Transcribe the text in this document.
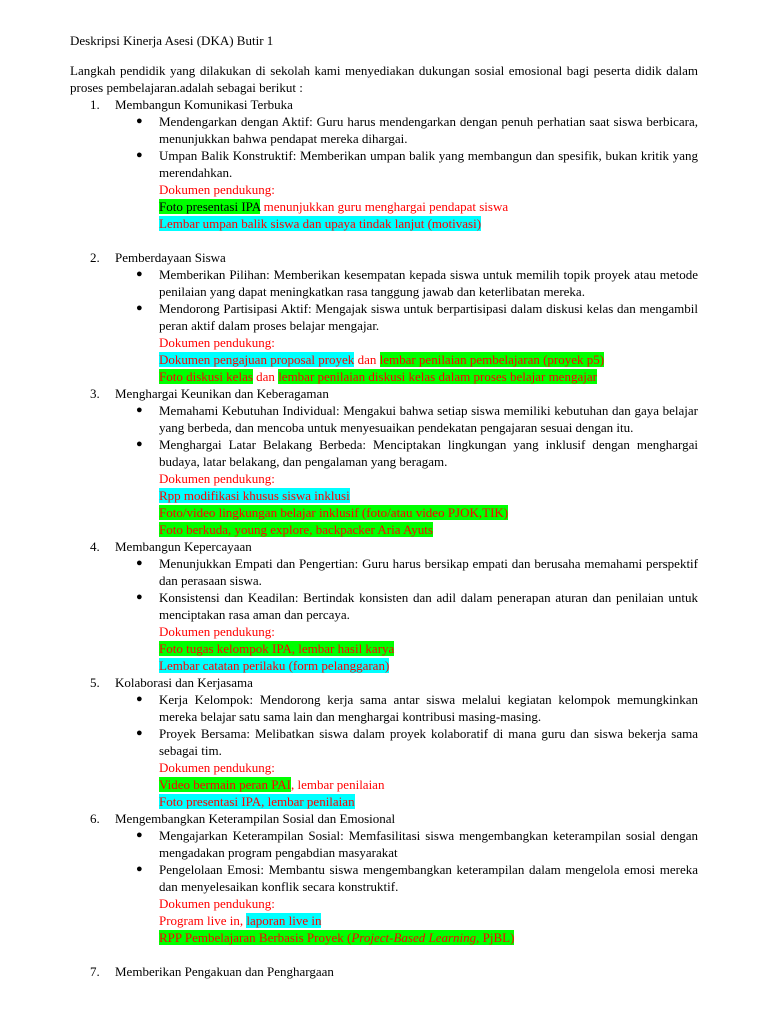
Deskripsi Kinerja Asesi (DKA) Butir 1

Langkah pendidik yang dilakukan di sekolah kami menyediakan dukungan sosial emosional bagi peserta didik dalam proses pembelajaran.adalah sebagai berikut :

1. Membangun Komunikasi Terbuka
● Mendengarkan dengan Aktif: Guru harus mendengarkan dengan penuh perhatian saat siswa berbicara, menunjukkan bahwa pendapat mereka dihargai.
● Umpan Balik Konstruktif: Memberikan umpan balik yang membangun dan spesifik, bukan kritik yang merendahkan.
Dokumen pendukung:
Foto presentasi IPA menunjukkan guru menghargai pendapat siswa
Lembar umpan balik siswa dan upaya tindak lanjut (motivasi)
2. Pemberdayaan Siswa
● Memberikan Pilihan: Memberikan kesempatan kepada siswa untuk memilih topik proyek atau metode penilaian yang dapat meningkatkan rasa tanggung jawab dan keterlibatan mereka.
● Mendorong Partisipasi Aktif: Mengajak siswa untuk berpartisipasi dalam diskusi kelas dan mengambil peran aktif dalam proses belajar mengajar.
Dokumen pendukung:
Dokumen pengajuan proposal proyek dan lembar penilaian pembelajaran (proyek p5)
Foto diskusi kelas dan lembar penilaian diskusi kelas dalam proses belajar mengajar
3. Menghargai Keunikan dan Keberagaman
● Memahami Kebutuhan Individual: Mengakui bahwa setiap siswa memiliki kebutuhan dan gaya belajar yang berbeda, dan mencoba untuk menyesuaikan pendekatan pengajaran sesuai dengan itu.
● Menghargai Latar Belakang Berbeda: Menciptakan lingkungan yang inklusif dengan menghargai budaya, latar belakang, dan pengalaman yang beragam.
Dokumen pendukung:
Rpp modifikasi khusus siswa inklusi
Foto/video lingkungan belajar inklusif (foto/atau video PJOK,TIK)
Foto berkuda, young explore, backpacker Aria Ayuts
4. Membangun Kepercayaan
● Menunjukkan Empati dan Pengertian: Guru harus bersikap empati dan berusaha memahami perspektif dan perasaan siswa.
● Konsistensi dan Keadilan: Bertindak konsisten dan adil dalam penerapan aturan dan penilaian untuk menciptakan rasa aman dan percaya.
Dokumen pendukung:
Foto tugas kelompok IPA, lembar hasil karya
Lembar catatan perilaku (form pelanggaran)
5. Kolaborasi dan Kerjasama
● Kerja Kelompok: Mendorong kerja sama antar siswa melalui kegiatan kelompok memungkinkan mereka belajar satu sama lain dan menghargai kontribusi masing-masing.
● Proyek Bersama: Melibatkan siswa dalam proyek kolaboratif di mana guru dan siswa bekerja sama sebagai tim.
Dokumen pendukung:
Video bermain peran PAI, lembar penilaian
Foto presentasi IPA, lembar penilaian
6. Mengembangkan Keterampilan Sosial dan Emosional
● Mengajarkan Keterampilan Sosial: Memfasilitasi siswa mengembangkan keterampilan sosial dengan mengadakan program pengabdian masyarakat
● Pengelolaan Emosi: Membantu siswa mengembangkan keterampilan dalam mengelola emosi mereka dan menyelesaikan konflik secara konstruktif.
Dokumen pendukung:
Program live in, laporan live in
RPP Pembelajaran Berbasis Proyek (Project-Based Learning, PjBL)
7. Memberikan Pengakuan dan Penghargaan
